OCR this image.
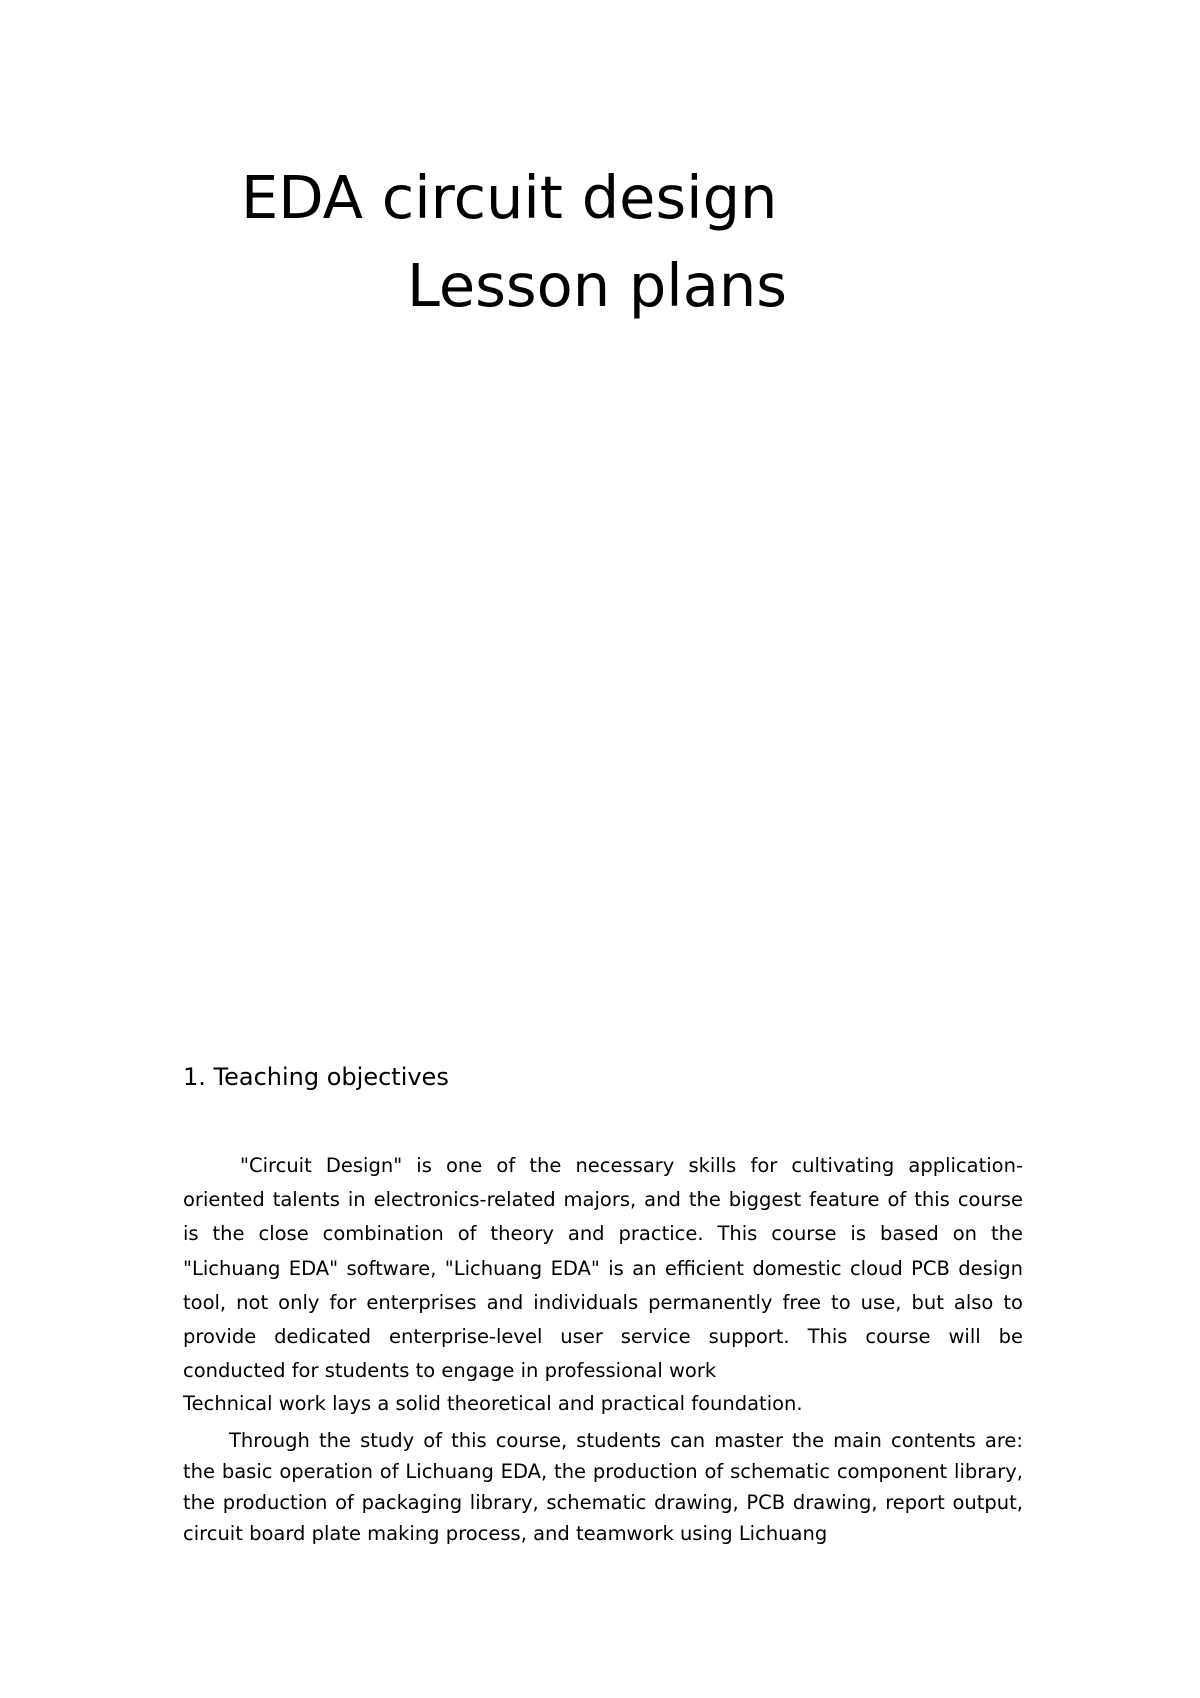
EDA circuit design
Lesson plans
1. Teaching objectives

"Circuit Design" is one of the necessary skills for cultivating application-oriented talents in electronics-related majors, and the biggest feature of this course is the close combination of theory and practice. This course is based on the "Lichuang EDA" software, "Lichuang EDA" is an efficient domestic cloud PCB design tool, not only for enterprises and individuals permanently free to use, but also to provide dedicated enterprise-level user service support. This course will be conducted for students to engage in professional work

Technical work lays a solid theoretical and practical foundation.

Through the study of this course, students can master the main contents are: the basic operation of Lichuang EDA, the production of schematic component library, the production of packaging library, schematic drawing, PCB drawing, report output, circuit board plate making process, and teamwork using Lichuang
